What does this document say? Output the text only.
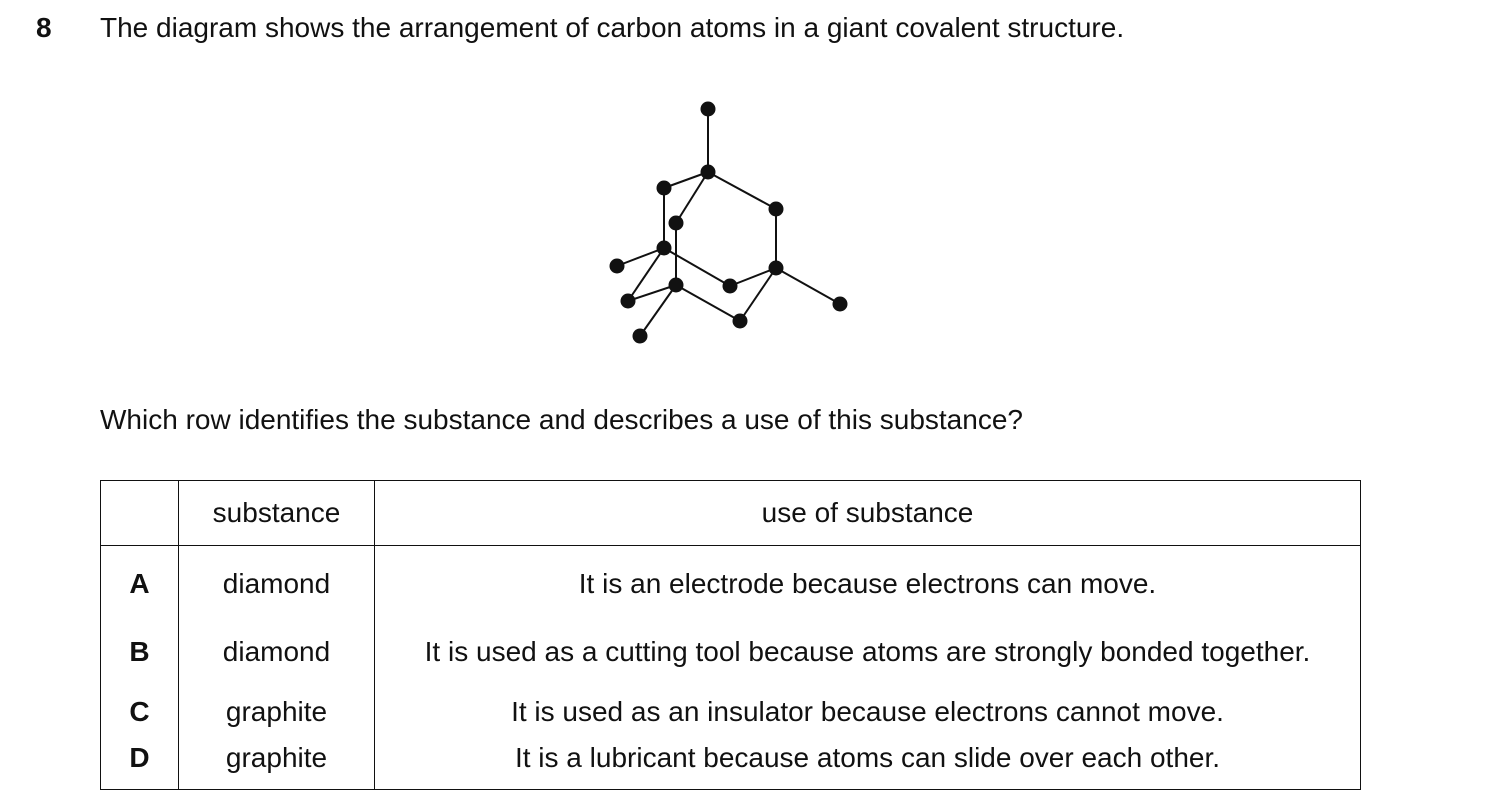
8 The diagram shows the arrangement of carbon atoms in a giant covalent structure.
Which row identifies the substance and describes a use of this substance?
	substance	use of substance
A	diamond	It is an electrode because electrons can move.
B	diamond	It is used as a cutting tool because atoms are strongly bonded together.
C	graphite	It is used as an insulator because electrons cannot move.
D	graphite	It is a lubricant because atoms can slide over each other.
